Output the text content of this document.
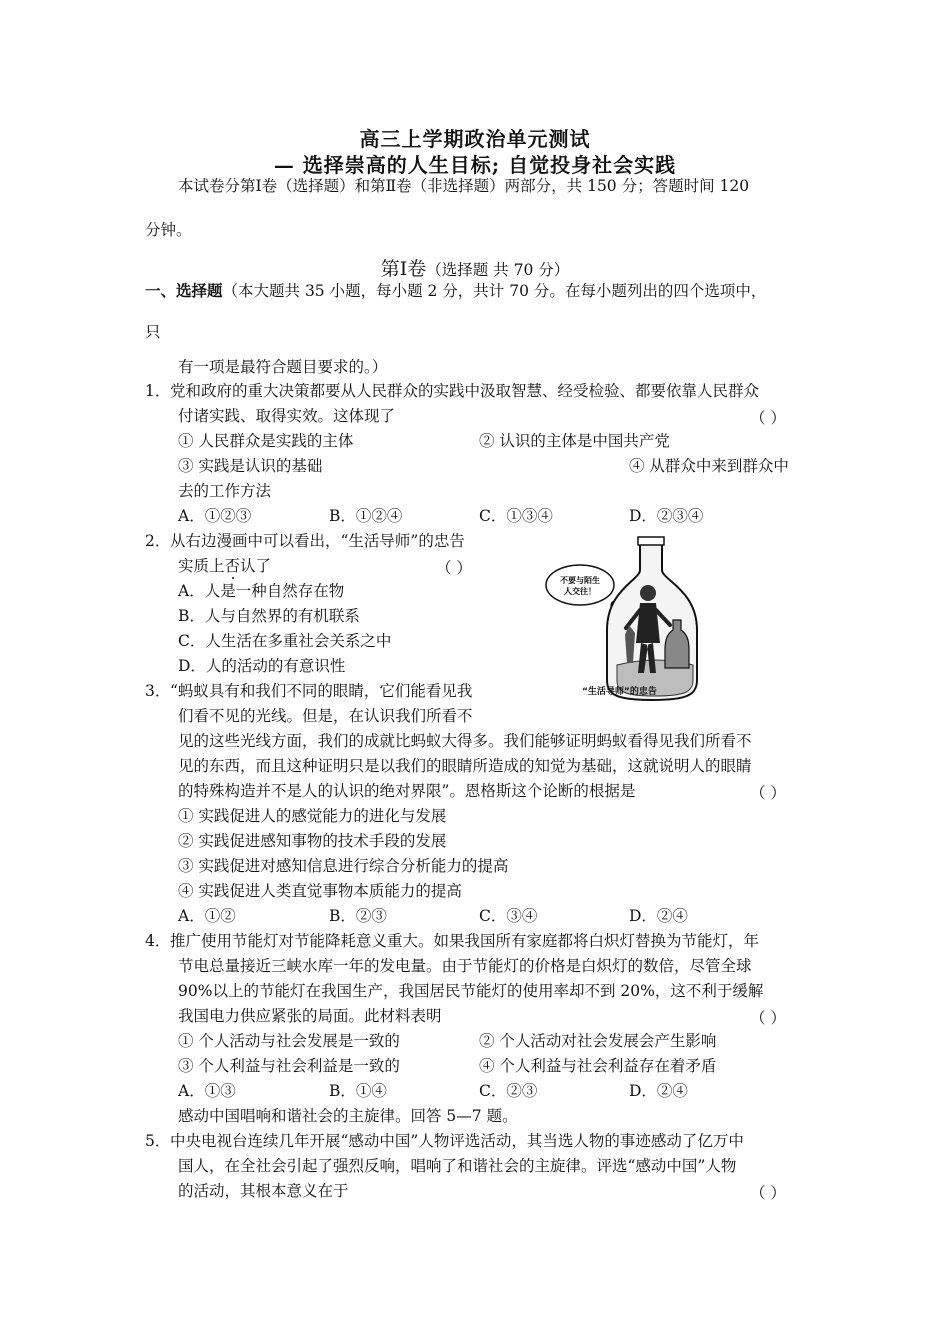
高三上学期政治单元测试
— 选择崇高的人生目标; 自觉投身社会实践
本试卷分第Ⅰ卷（选择题）和第Ⅱ卷（非选择题）两部分，共 150 分；答题时间 120
分钟。
第Ⅰ卷（选择题 共 70 分）
一、选择题（本大题共 35 小题，每小题 2 分，共计 70 分。在每小题列出的四个选项中，
只
有一项是最符合题目要求的。）
1． 党和政府的重大决策都要从人民群众的实践中汲取智慧、经受检验、都要依靠人民群众
付诸实践、取得实效。这体现了	（ ）
① 人民群众是实践的主体	② 认识的主体是中国共产党
③ 实践是认识的基础	④ 从群众中来到群众中
去的工作方法
A．①②③	B．①②④	C．①③④	D．②③④
2． 从右边漫画中可以看出，“生活导师”的忠告
实质上否认了	（ ）
A．人是一种自然存在物
B．人与自然界的有机联系
C．人生活在多重社会关系之中
D．人的活动的有意识性
不要与陌生
人交往！
“生活导师”的忠告
3． “蚂蚁具有和我们不同的眼睛，它们能看见我
们看不见的光线。但是，在认识我们所看不
见的这些光线方面，我们的成就比蚂蚁大得多。我们能够证明蚂蚁看得见我们所看不
见的东西，而且这种证明只是以我们的眼睛所造成的知觉为基础，这就说明人的眼睛
的特殊构造并不是人的认识的绝对界限”。恩格斯这个论断的根据是	（ ）
① 实践促进人的感觉能力的进化与发展
② 实践促进感知事物的技术手段的发展
③ 实践促进对感知信息进行综合分析能力的提高
④ 实践促进人类直觉事物本质能力的提高
A．①②	B．②③	C．③④	D．②④
4． 推广使用节能灯对节能降耗意义重大。如果我国所有家庭都将白炽灯替换为节能灯，年
节电总量接近三峡水库一年的发电量。由于节能灯的价格是白炽灯的数倍，尽管全球
90%以上的节能灯在我国生产，我国居民节能灯的使用率却不到 20%，这不利于缓解
我国电力供应紧张的局面。此材料表明	（ ）
① 个人活动与社会发展是一致的	② 个人活动对社会发展会产生影响
③ 个人利益与社会利益是一致的	④ 个人利益与社会利益存在着矛盾
A．①③	B．①④	C．②③	D．②④
感动中国唱响和谐社会的主旋律。回答 5—7 题。
5． 中央电视台连续几年开展“感动中国”人物评选活动，其当选人物的事迹感动了亿万中
国人，在全社会引起了强烈反响，唱响了和谐社会的主旋律。评选“感动中国”人物
的活动，其根本意义在于	（ ）
